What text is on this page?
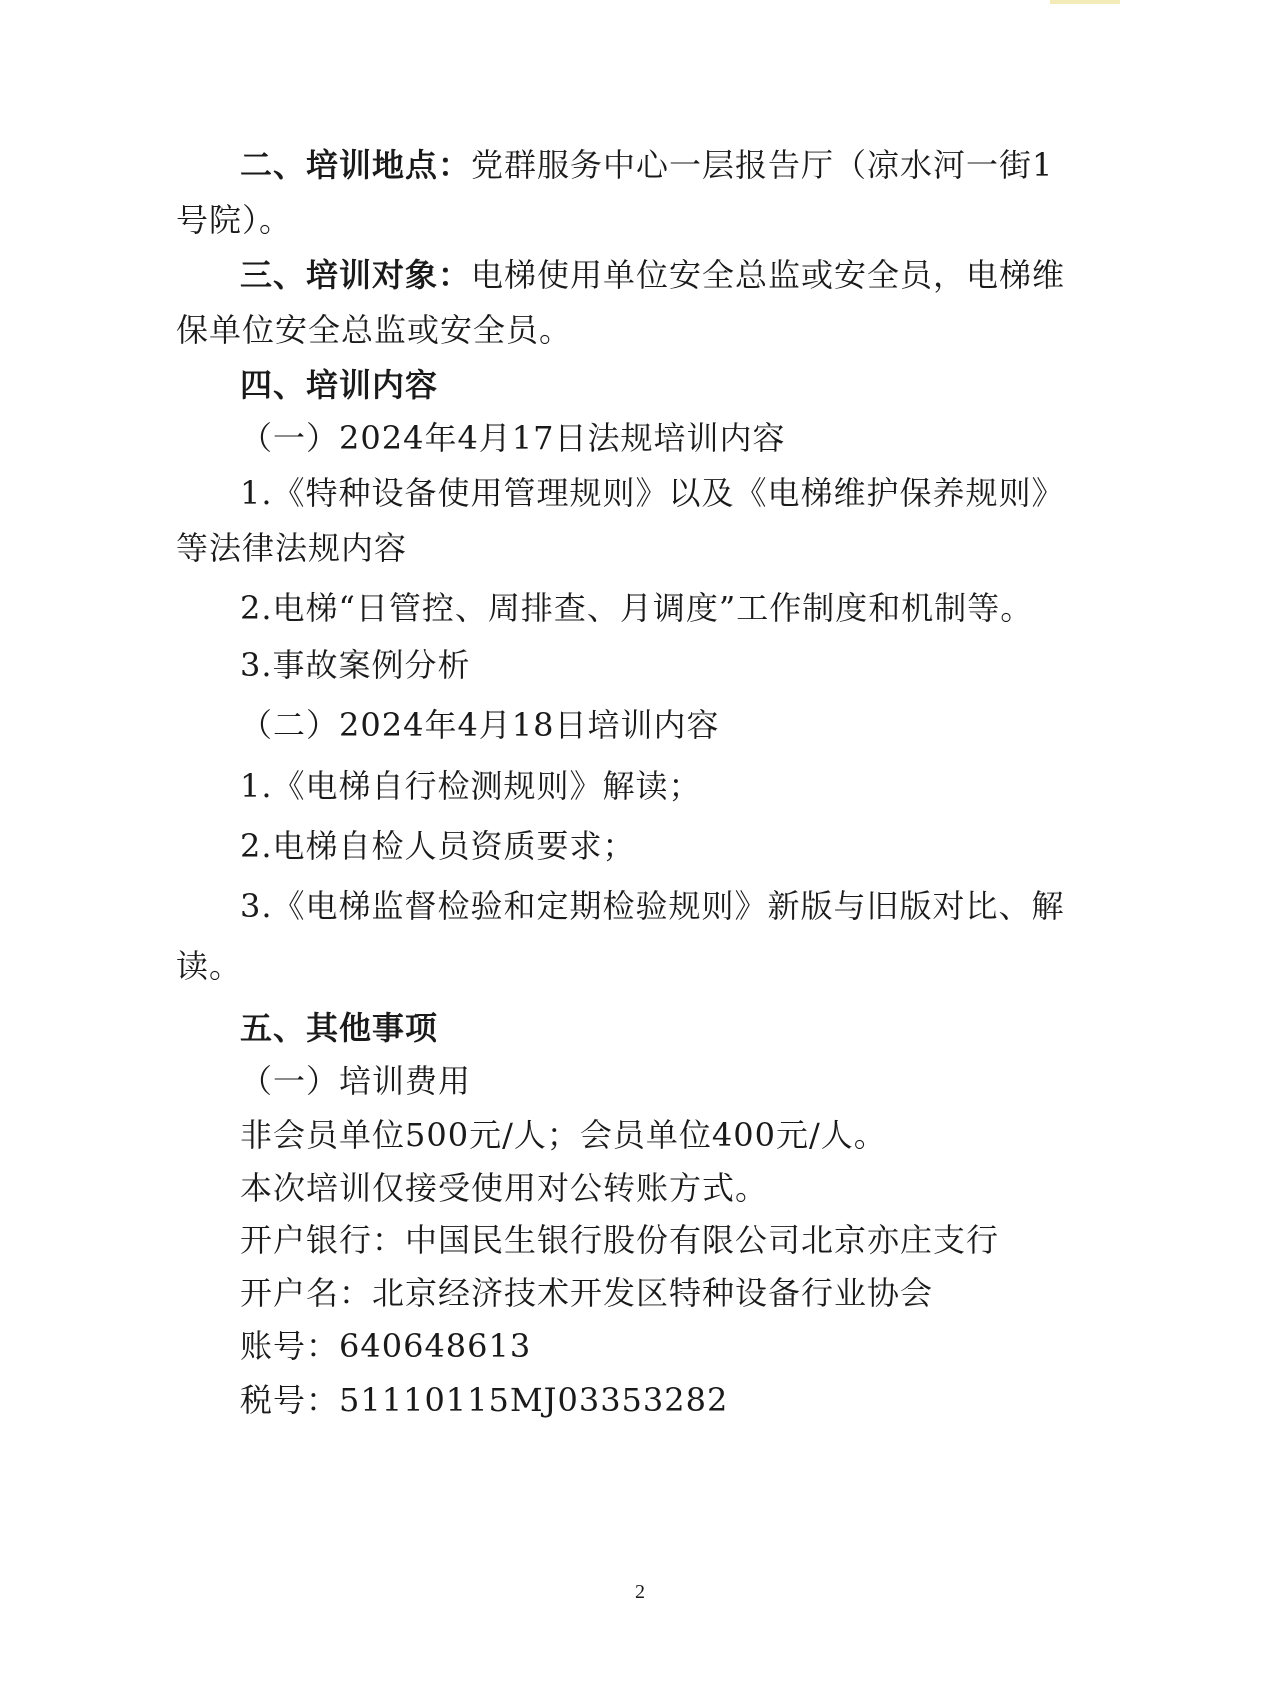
二、培训地点：党群服务中心一层报告厅（凉水河一街1
号院）。
三、培训对象：电梯使用单位安全总监或安全员，电梯维
保单位安全总监或安全员。
四、培训内容
（一）2024年4月17日法规培训内容
1.《特种设备使用管理规则》以及《电梯维护保养规则》
等法律法规内容
2.电梯“日管控、周排查、月调度”工作制度和机制等。
3.事故案例分析
（二）2024年4月18日培训内容
1.《电梯自行检测规则》解读；
2.电梯自检人员资质要求；
3.《电梯监督检验和定期检验规则》新版与旧版对比、解
读。
五、其他事项
（一）培训费用
非会员单位500元/人；会员单位400元/人。
本次培训仅接受使用对公转账方式。
开户银行：中国民生银行股份有限公司北京亦庄支行
开户名：北京经济技术开发区特种设备行业协会
账号：640648613
税号：51110115MJ03353282
2
